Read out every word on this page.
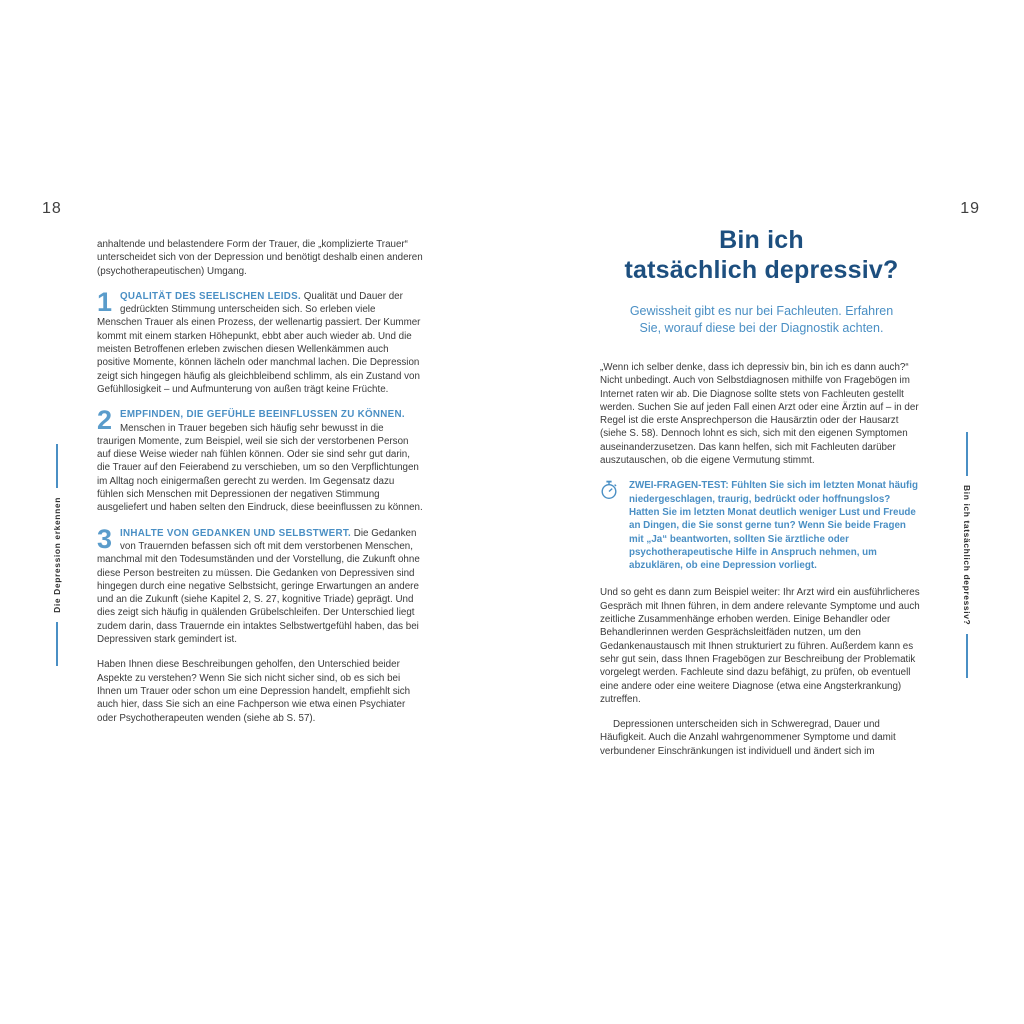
18
Die Depression erkennen

anhaltende und belastendere Form der Trauer, die „komplizierte Trauer“ unterscheidet sich von der Depression und benötigt deshalb einen anderen (psychotherapeutischen) Umgang.

1 QUALITÄT DES SEELISCHEN LEIDS. Qualität und Dauer der gedrückten Stimmung unterscheiden sich. So erleben viele Menschen Trauer als einen Prozess, der wellenartig passiert. Der Kummer kommt mit einem starken Höhepunkt, ebbt aber auch wieder ab. Und die meisten Betroffenen erleben zwischen diesen Wellenkämmen auch positive Momente, können lächeln oder manchmal lachen. Die Depression zeigt sich hingegen häufig als gleichbleibend schlimm, als ein Zustand von Gefühllosigkeit – und Aufmunterung von außen trägt keine Früchte.

2 EMPFINDEN, DIE GEFÜHLE BEEINFLUSSEN ZU KÖNNEN. Menschen in Trauer begeben sich häufig sehr bewusst in die traurigen Momente, zum Beispiel, weil sie sich der verstorbenen Person auf diese Weise wieder nah fühlen können. Oder sie sind sehr gut darin, die Trauer auf den Feierabend zu verschieben, um so den Verpflichtungen im Alltag noch einigermaßen gerecht zu werden. Im Gegensatz dazu fühlen sich Menschen mit Depressionen der negativen Stimmung ausgeliefert und haben selten den Eindruck, diese beeinflussen zu können.

3 INHALTE VON GEDANKEN UND SELBSTWERT. Die Gedanken von Trauernden befassen sich oft mit dem verstorbenen Menschen, manchmal mit den Todesumständen und der Vorstellung, die Zukunft ohne diese Person bestreiten zu müssen. Die Gedanken von Depressiven sind hingegen durch eine negative Selbstsicht, geringe Erwartungen an andere und an die Zukunft (siehe Kapitel 2, S. 27, kognitive Triade) geprägt. Und dies zeigt sich häufig in quälenden Grübelschleifen. Der Unterschied liegt zudem darin, dass Trauernde ein intaktes Selbstwertgefühl haben, das bei Depressiven stark gemindert ist.

Haben Ihnen diese Beschreibungen geholfen, den Unterschied beider Aspekte zu verstehen? Wenn Sie sich nicht sicher sind, ob es sich bei Ihnen um Trauer oder schon um eine Depression handelt, empfiehlt sich auch hier, dass Sie sich an eine Fachperson wie etwa einen Psychiater oder Psychotherapeuten wenden (siehe ab S. 57).

19
Bin ich tatsächlich depressiv?
Bin ich
tatsächlich depressiv?

Gewissheit gibt es nur bei Fachleuten. Erfahren Sie, worauf diese bei der Diagnostik achten.

„Wenn ich selber denke, dass ich depressiv bin, bin ich es dann auch?“ Nicht unbedingt. Auch von Selbstdiagnosen mithilfe von Fragebögen im Internet raten wir ab. Die Diagnose sollte stets von Fachleuten gestellt werden. Suchen Sie auf jeden Fall einen Arzt oder eine Ärztin auf – in der Regel ist die erste Ansprechperson die Hausärztin oder der Hausarzt (siehe S. 58). Dennoch lohnt es sich, sich mit den eigenen Symptomen auseinanderzusetzen. Das kann helfen, sich mit Fachleuten darüber auszutauschen, ob die eigene Vermutung stimmt.

ZWEI-FRAGEN-TEST: Fühlten Sie sich im letzten Monat häufig niedergeschlagen, traurig, bedrückt oder hoffnungslos? Hatten Sie im letzten Monat deutlich weniger Lust und Freude an Dingen, die Sie sonst gerne tun? Wenn Sie beide Fragen mit „Ja“ beantworten, sollten Sie ärztliche oder psychotherapeutische Hilfe in Anspruch nehmen, um abzuklären, ob eine Depression vorliegt.

Und so geht es dann zum Beispiel weiter: Ihr Arzt wird ein ausführlicheres Gespräch mit Ihnen führen, in dem andere relevante Symptome und auch zeitliche Zusammenhänge erhoben werden. Einige Behandler oder Behandlerinnen werden Gesprächsleitfäden nutzen, um den Gedankenaustausch mit Ihnen strukturiert zu führen. Außerdem kann es sehr gut sein, dass Ihnen Fragebögen zur Beschreibung der Problematik vorgelegt werden. Fachleute sind dazu befähigt, zu prüfen, ob eventuell eine andere oder eine weitere Diagnose (etwa eine Angsterkrankung) zutreffen.

Depressionen unterscheiden sich in Schweregrad, Dauer und Häufigkeit. Auch die Anzahl wahrgenommener Symptome und damit verbundener Einschränkungen ist individuell und ändert sich im
